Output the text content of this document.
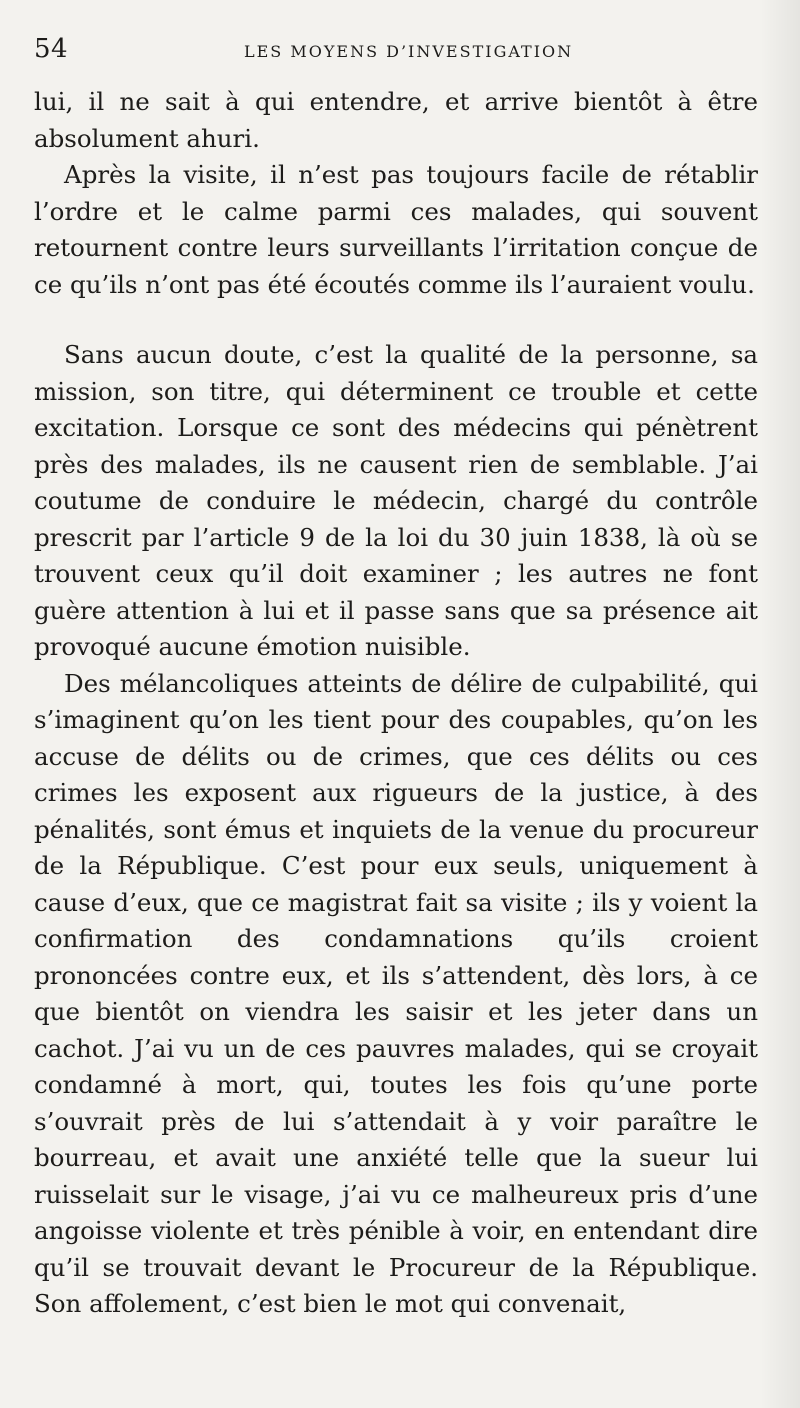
54	LES MOYENS D’INVESTIGATION

lui, il ne sait à qui entendre, et arrive bientôt à être absolument ahuri.

Après la visite, il n’est pas toujours facile de rétablir l’ordre et le calme parmi ces malades, qui souvent retournent contre leurs surveillants l’irritation conçue de ce qu’ils n’ont pas été écoutés comme ils l’auraient voulu.

Sans aucun doute, c’est la qualité de la personne, sa mission, son titre, qui déterminent ce trouble et cette excitation. Lorsque ce sont des médecins qui pénètrent près des malades, ils ne causent rien de semblable. J’ai coutume de conduire le médecin, chargé du contrôle prescrit par l’article 9 de la loi du 30 juin 1838, là où se trouvent ceux qu’il doit examiner ; les autres ne font guère attention à lui et il passe sans que sa présence ait provoqué aucune émotion nuisible.

Des mélancoliques atteints de délire de culpabilité, qui s’imaginent qu’on les tient pour des coupables, qu’on les accuse de délits ou de crimes, que ces délits ou ces crimes les exposent aux rigueurs de la justice, à des pénalités, sont émus et inquiets de la venue du procureur de la République. C’est pour eux seuls, uniquement à cause d’eux, que ce magistrat fait sa visite ; ils y voient la confirmation des condamnations qu’ils croient prononcées contre eux, et ils s’attendent, dès lors, à ce que bientôt on viendra les saisir et les jeter dans un cachot. J’ai vu un de ces pauvres malades, qui se croyait condamné à mort, qui, toutes les fois qu’une porte s’ouvrait près de lui s’attendait à y voir paraître le bourreau, et avait une anxiété telle que la sueur lui ruisselait sur le visage, j’ai vu ce malheureux pris d’une angoisse violente et très pénible à voir, en entendant dire qu’il se trouvait devant le Procureur de la République. Son affolement, c’est bien le mot qui convenait,
